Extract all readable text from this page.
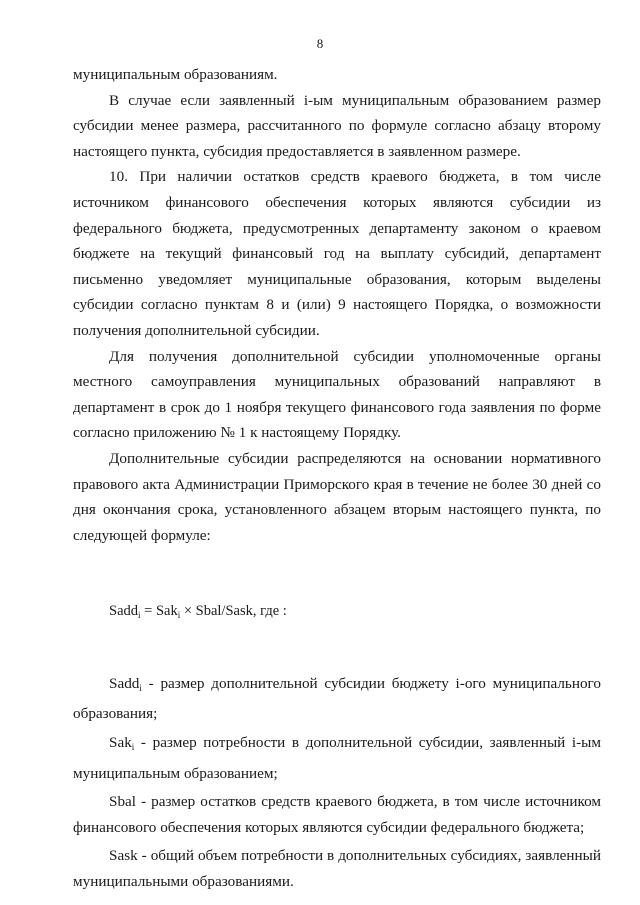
8

муниципальным образованиям.

В случае если заявленный i-ым муниципальным образованием размер субсидии менее размера, рассчитанного по формуле согласно абзацу второму настоящего пункта, субсидия предоставляется в заявленном размере.

10. При наличии остатков средств краевого бюджета, в том числе источником финансового обеспечения которых являются субсидии из федерального бюджета, предусмотренных департаменту законом о краевом бюджете на текущий финансовый год на выплату субсидий, департамент письменно уведомляет муниципальные образования, которым выделены субсидии согласно пунктам 8 и (или) 9 настоящего Порядка, о возможности получения дополнительной субсидии.

Для получения дополнительной субсидии уполномоченные органы местного самоуправления муниципальных образований направляют в департамент в срок до 1 ноября текущего финансового года заявления по форме согласно приложению № 1 к настоящему Порядку.

Дополнительные субсидии распределяются на основании нормативного правового акта Администрации Приморского края в течение не более 30 дней со дня окончания срока, установленного абзацем вторым настоящего пункта, по следующей формуле:

Sadd$_i$ = Sak$_i$ × Sbal/Sask, где :

Sadd$_i$ - размер дополнительной субсидии бюджету i-ого муниципального образования;

Sak$_i$ - размер потребности в дополнительной субсидии, заявленный i-ым муниципальным образованием;

Sbal - размер остатков средств краевого бюджета, в том числе источником финансового обеспечения которых являются субсидии федерального бюджета;

Sask - общий объем потребности в дополнительных субсидиях, заявленный муниципальными образованиями.
